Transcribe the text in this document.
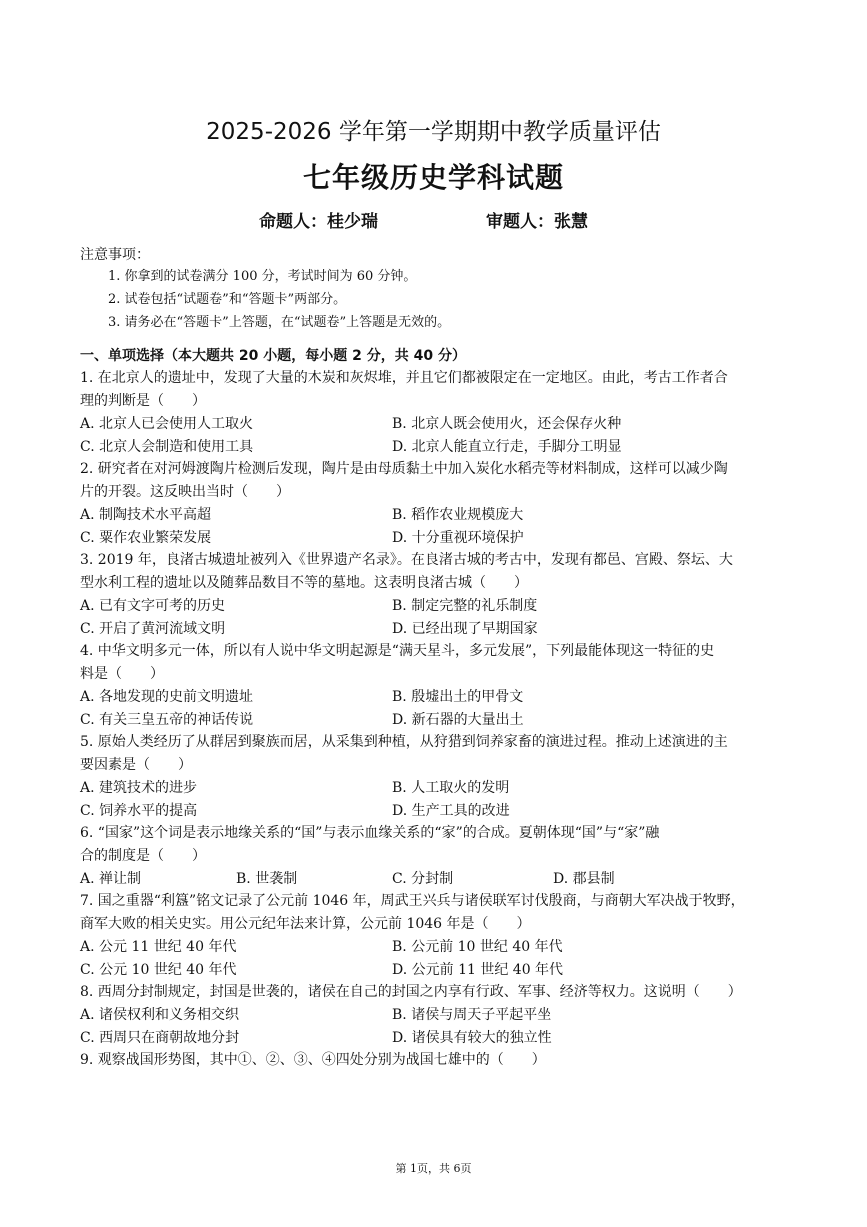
2025-2026 学年第一学期期中教学质量评估
七年级历史学科试题
命题人：桂少瑞	审题人：张慧
注意事项：
1. 你拿到的试卷满分 100 分，考试时间为 60 分钟。
2. 试卷包括“试题卷”和“答题卡”两部分。
3. 请务必在“答题卡”上答题，在“试题卷”上答题是无效的。
一、单项选择（本大题共 20 小题，每小题 2 分，共 40 分）
1. 在北京人的遗址中，发现了大量的木炭和灰烬堆，并且它们都被限定在一定地区。由此，考古工作者合
理的判断是（　　）
A. 北京人已会使用人工取火	B. 北京人既会使用火，还会保存火种
C. 北京人会制造和使用工具	D. 北京人能直立行走，手脚分工明显
2. 研究者在对河姆渡陶片检测后发现，陶片是由母质黏土中加入炭化水稻壳等材料制成，这样可以减少陶
片的开裂。这反映出当时（　　）
A. 制陶技术水平高超	B. 稻作农业规模庞大
C. 粟作农业繁荣发展	D. 十分重视环境保护
3. 2019 年，良渚古城遗址被列入《世界遗产名录》。在良渚古城的考古中，发现有都邑、宫殿、祭坛、大
型水利工程的遗址以及随葬品数目不等的墓地。这表明良渚古城（　　）
A. 已有文字可考的历史	B. 制定完整的礼乐制度
C. 开启了黄河流域文明	D. 已经出现了早期国家
4. 中华文明多元一体，所以有人说中华文明起源是“满天星斗，多元发展”，下列最能体现这一特征的史
料是（　　）
A. 各地发现的史前文明遗址	B. 殷墟出土的甲骨文
C. 有关三皇五帝的神话传说	D. 新石器的大量出土
5. 原始人类经历了从群居到聚族而居，从采集到种植，从狩猎到饲养家畜的演进过程。推动上述演进的主
要因素是（　　）
A. 建筑技术的进步	B. 人工取火的发明
C. 饲养水平的提高	D. 生产工具的改进
6. “国家”这个词是表示地缘关系的“国”与表示血缘关系的“家”的合成。夏朝体现“国”与“家”融
合的制度是（　　）
A. 禅让制	B. 世袭制	C. 分封制	D. 郡县制
7. 国之重器“利簋”铭文记录了公元前 1046 年，周武王兴兵与诸侯联军讨伐殷商，与商朝大军决战于牧野，
商军大败的相关史实。用公元纪年法来计算，公元前 1046 年是（　　）
A. 公元 11 世纪 40 年代	B. 公元前 10 世纪 40 年代
C. 公元 10 世纪 40 年代	D. 公元前 11 世纪 40 年代
8. 西周分封制规定，封国是世袭的，诸侯在自己的封国之内享有行政、军事、经济等权力。这说明（　　）
A. 诸侯权利和义务相交织	B. 诸侯与周天子平起平坐
C. 西周只在商朝故地分封	D. 诸侯具有较大的独立性
9. 观察战国形势图，其中①、②、③、④四处分别为战国七雄中的（　　）
第 1页，共 6页
